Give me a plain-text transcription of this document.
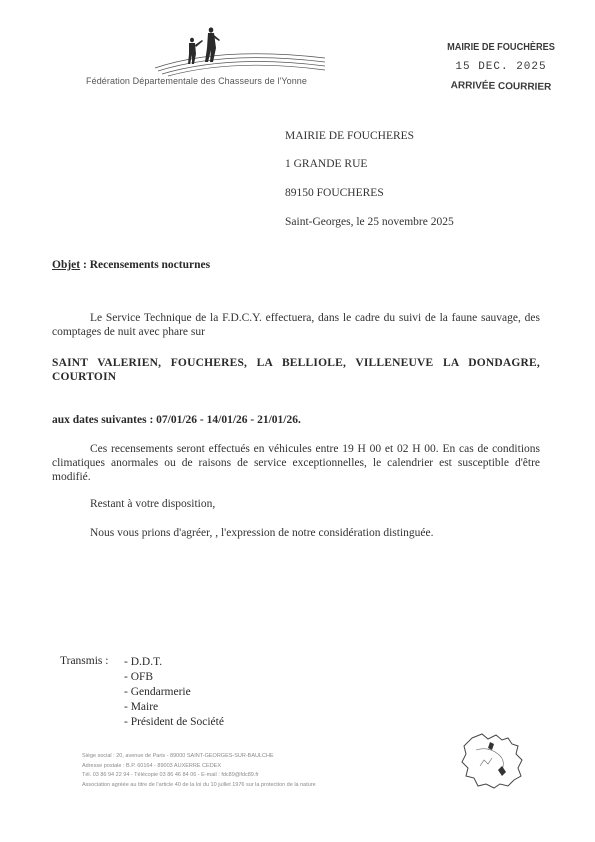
Fédération Départementale des Chasseurs de l'Yonne
MAIRIE DE FOUCHÈRES
15 DEC. 2025
ARRIVÉE COURRIER
MAIRIE DE FOUCHERES
1 GRANDE RUE
89150 FOUCHERES
Saint-Georges, le 25 novembre 2025
Objet : Recensements nocturnes
Le Service Technique de la F.D.C.Y. effectuera, dans le cadre du suivi de la faune sauvage, des comptages de nuit avec phare sur
SAINT VALERIEN, FOUCHERES, LA BELLIOLE, VILLENEUVE LA DONDAGRE, COURTOIN
aux dates suivantes : 07/01/26 - 14/01/26 - 21/01/26.
Ces recensements seront effectués en véhicules entre 19 H 00 et 02 H 00. En cas de conditions climatiques anormales ou de raisons de service exceptionnelles, le calendrier est susceptible d'être modifié.
Restant à votre disposition,
Nous vous prions d'agréer, , l'expression de notre considération distinguée.
Transmis : - D.D.T.
- OFB
- Gendarmerie
- Maire
- Président de Société
Siège social : 20, avenue de Paris - 89000 SAINT-GEORGES-SUR-BAULCHE
Adresse postale : B.P. 60164 - 89003 AUXERRE CEDEX
Tél. 03 86 94 22 94 - Télécopie 03 86 46 84 06 - E-mail : fdc89@fdc89.fr
Association agréée au titre de l'article 40 de la loi du 10 juillet 1976 sur la protection de la nature
